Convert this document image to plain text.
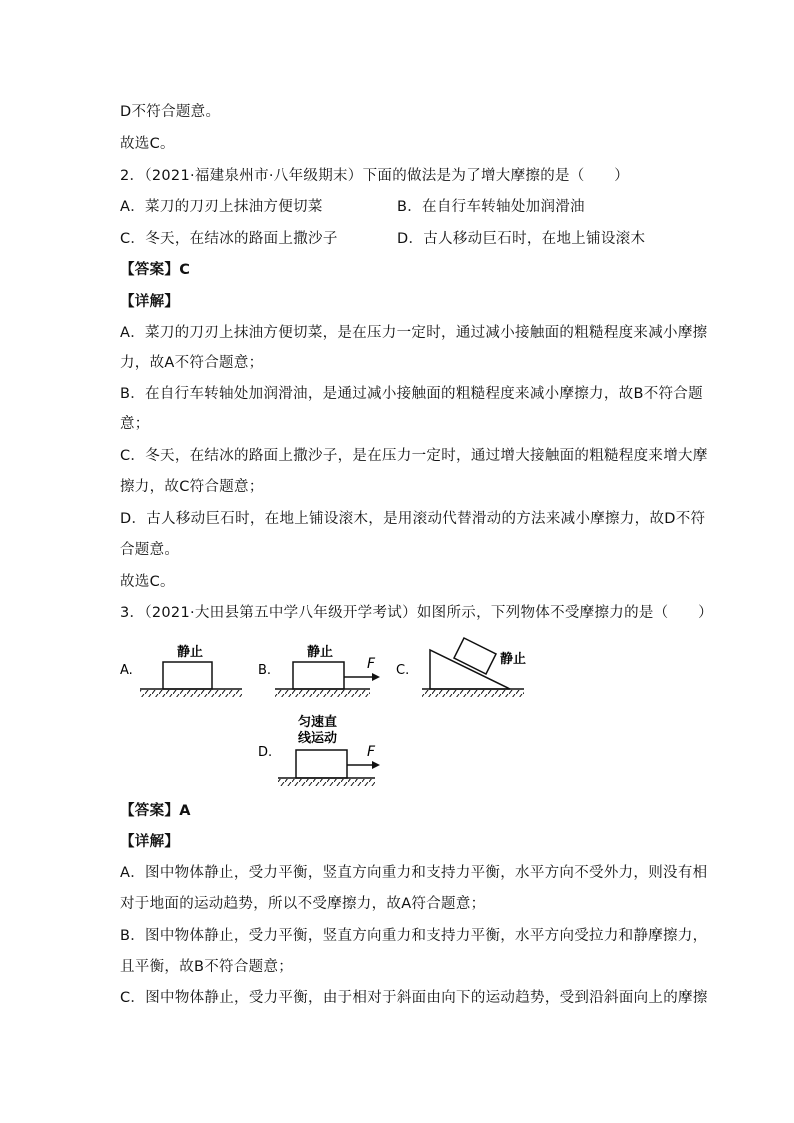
D不符合题意。
故选C。
2．（2021·福建泉州市·八年级期末）下面的做法是为了增大摩擦的是（　　）
A．菜刀的刀刃上抹油方便切菜	B．在自行车转轴处加润滑油
C．冬天，在结冰的路面上撒沙子	D．古人移动巨石时，在地上铺设滚木
【答案】C
【详解】
A．菜刀的刀刃上抹油方便切菜，是在压力一定时，通过减小接触面的粗糙程度来减小摩擦
力，故A不符合题意；
B．在自行车转轴处加润滑油，是通过减小接触面的粗糙程度来减小摩擦力，故B不符合题
意；
C．冬天，在结冰的路面上撒沙子，是在压力一定时，通过增大接触面的粗糙程度来增大摩
擦力，故C符合题意；
D．古人移动巨石时，在地上铺设滚木，是用滚动代替滑动的方法来减小摩擦力，故D不符
合题意。
故选C。
3．（2021·大田县第五中学八年级开学考试）如图所示，下列物体不受摩擦力的是（　　）
A.
静止
B.
静止
F C.
静止
D.
匀速直
线运动
F
【答案】A
【详解】
A．图中物体静止，受力平衡，竖直方向重力和支持力平衡，水平方向不受外力，则没有相
对于地面的运动趋势，所以不受摩擦力，故A符合题意；
B．图中物体静止，受力平衡，竖直方向重力和支持力平衡，水平方向受拉力和静摩擦力，
且平衡，故B不符合题意；
C．图中物体静止，受力平衡，由于相对于斜面由向下的运动趋势，受到沿斜面向上的摩擦
